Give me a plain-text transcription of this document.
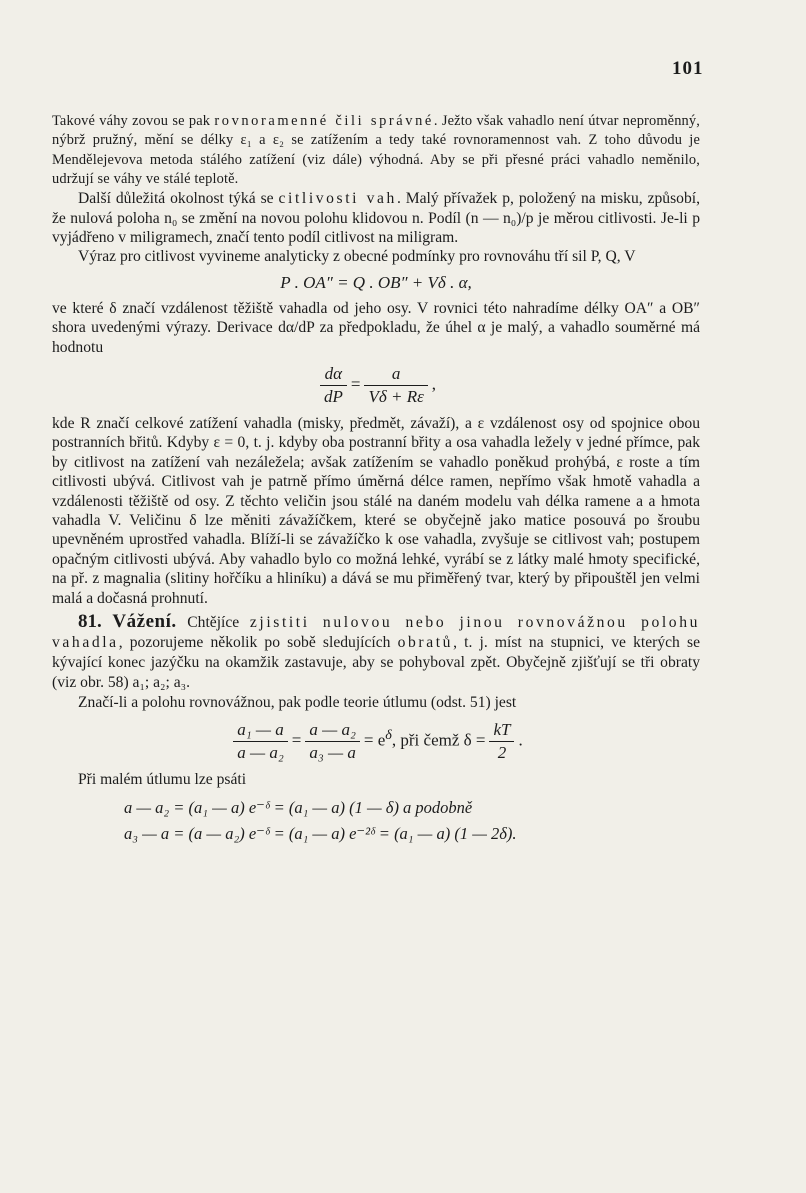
101

Takové váhy zovou se pak rovnoramenné čili správné. Ježto však vahadlo není útvar neproměnný, nýbrž pružný, mění se délky ε₁ a ε₂ se zatížením a tedy také rovnoramennost vah. Z toho důvodu je Mendělejevova metoda stálého zatížení (viz dále) výhodná. Aby se při přesné práci vahadlo neměnilo, udržují se váhy ve stálé teplotě.

Další důležitá okolnost týká se citlivosti vah. Malý přívažek p, položený na misku, způsobí, že nulová poloha n₀ se změní na novou polohu klidovou n. Podíl (n — n₀)/p je měrou citlivosti. Je-li p vyjádřeno v miligramech, značí tento podíl citlivost na miligram.

Výraz pro citlivost vyvineme analyticky z obecné podmínky pro rovnováhu tří sil P, Q, V

P . OA″ = Q . OB″ + Vδ . α,

ve které δ značí vzdálenost těžiště vahadla od jeho osy. V rovnici této nahradíme délky OA″ a OB″ shora uvedenými výrazy. Derivace dα/dP za předpokladu, že úhel α je malý, a vahadlo souměrné má hodnotu

$\frac{d\alpha}{dP} = \frac{a}{V\delta + R\varepsilon}$ ,

kde R značí celkové zatížení vahadla (misky, předmět, závaží), a ε vzdálenost osy od spojnice obou postranních břitů. Kdyby ε = 0, t. j. kdyby oba postranní břity a osa vahadla ležely v jedné přímce, pak by citlivost na zatížení vah nezáležela; avšak zatížením se vahadlo poněkud prohýbá, ε roste a tím citlivosti ubývá. Citlivost vah je patrně přímo úměrná délce ramen, nepřímo však hmotě vahadla a vzdálenosti těžiště od osy. Z těchto veličin jsou stálé na daném modelu vah délka ramene a a hmota vahadla V. Veličinu δ lze měniti závažíčkem, které se obyčejně jako matice posouvá po šroubu upevněném uprostřed vahadla. Blíží-li se závažíčko k ose vahadla, zvyšuje se citlivost vah; postupem opačným citlivosti ubývá. Aby vahadlo bylo co možná lehké, vyrábí se z látky malé hmoty specifické, na př. z magnalia (slitiny hořčíku a hliníku) a dává se mu přiměřený tvar, který by připouštěl jen velmi malá a dočasná prohnutí.

81. Vážení. Chtějíce zjistiti nulovou nebo jinou rovnovážnou polohu vahadla, pozorujeme několik po sobě sledujících obratů, t. j. míst na stupnici, ve kterých se kývající konec jazýčku na okamžik zastavuje, aby se pohyboval zpět. Obyčejně zjišťují se tři obraty (viz obr. 58) a₁; a₂; a₃.

Značí-li a polohu rovnovážnou, pak podle teorie útlumu (odst. 51) jest

$\frac{\text{a₁ — a}}{\text{a — a₂}} = \frac{\text{a — a₂}}{\text{a₃ — a}} = e^\delta$, při čemž $\delta = \frac{kT}{2}$ .

Při malém útlumu lze psáti

a — a₂ = (a₁ — a) e⁻ᵟ = (a₁ — a) (1 — δ) a podobně
a₃ — a = (a — a₂) e⁻ᵟ = (a₁ — a) e⁻²ᵟ = (a₁ — a) (1 — 2δ).
